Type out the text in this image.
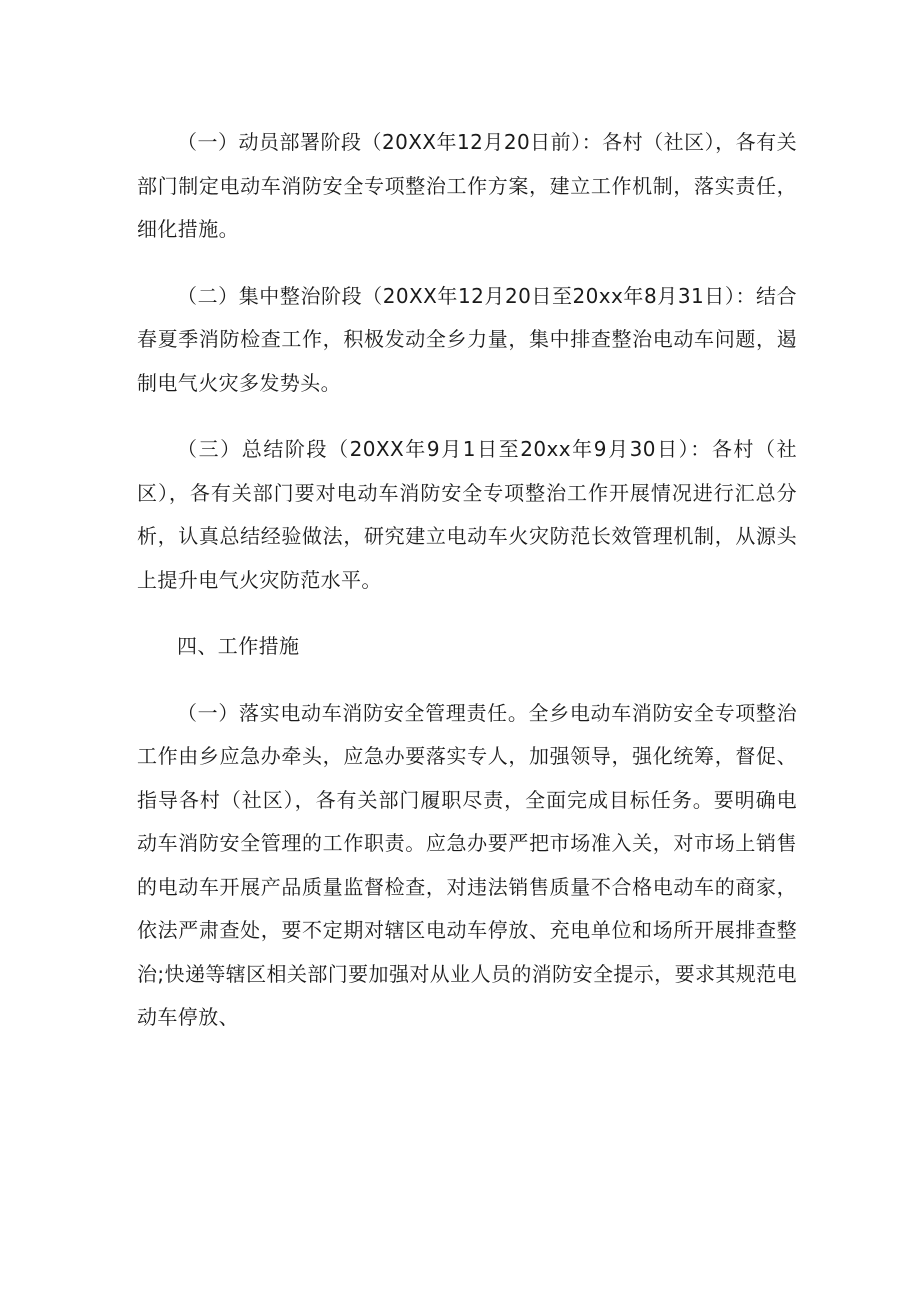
（一）动员部署阶段（20XX年12月20日前）：各村（社区），各有关部门制定电动车消防安全专项整治工作方案，建立工作机制，落实责任，细化措施。

（二）集中整治阶段（20XX年12月20日至20xx年8月31日）：结合春夏季消防检查工作，积极发动全乡力量，集中排查整治电动车问题，遏制电气火灾多发势头。

（三）总结阶段（20XX年9月1日至20xx年9月30日）：各村（社区），各有关部门要对电动车消防安全专项整治工作开展情况进行汇总分析，认真总结经验做法，研究建立电动车火灾防范长效管理机制，从源头上提升电气火灾防范水平。

四、工作措施

（一）落实电动车消防安全管理责任。全乡电动车消防安全专项整治工作由乡应急办牵头，应急办要落实专人，加强领导，强化统筹，督促、指导各村（社区），各有关部门履职尽责，全面完成目标任务。要明确电动车消防安全管理的工作职责。应急办要严把市场准入关，对市场上销售的电动车开展产品质量监督检查，对违法销售质量不合格电动车的商家，依法严肃查处，要不定期对辖区电动车停放、充电单位和场所开展排查整治;快递等辖区相关部门要加强对从业人员的消防安全提示，要求其规范电动车停放、
